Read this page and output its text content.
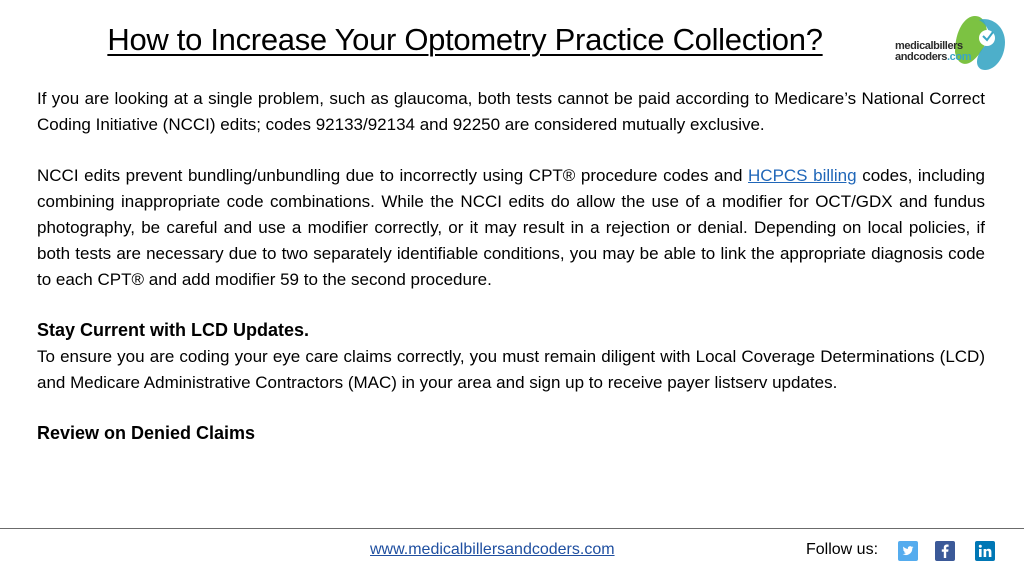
How to Increase Your Optometry Practice Collection?	medicalbillers
andcoders.com

If you are looking at a single problem, such as glaucoma, both tests cannot be paid according to Medicare’s National Correct Coding Initiative (NCCI) edits; codes 92133/92134 and 92250 are considered mutually exclusive.

NCCI edits prevent bundling/unbundling due to incorrectly using CPT® procedure codes and HCPCS billing codes, including combining inappropriate code combinations. While the NCCI edits do allow the use of a modifier for OCT/GDX and fundus photography, be careful and use a modifier correctly, or it may result in a rejection or denial. Depending on local policies, if both tests are necessary due to two separately identifiable conditions, you may be able to link the appropriate diagnosis code to each CPT® and add modifier 59 to the second procedure.

Stay Current with LCD Updates.

To ensure you are coding your eye care claims correctly, you must remain diligent with Local Coverage Determinations (LCD) and Medicare Administrative Contractors (MAC) in your area and sign up to receive payer listserv updates.

Review on Denied Claims

www.medicalbillersandcoders.com	Follow us:
